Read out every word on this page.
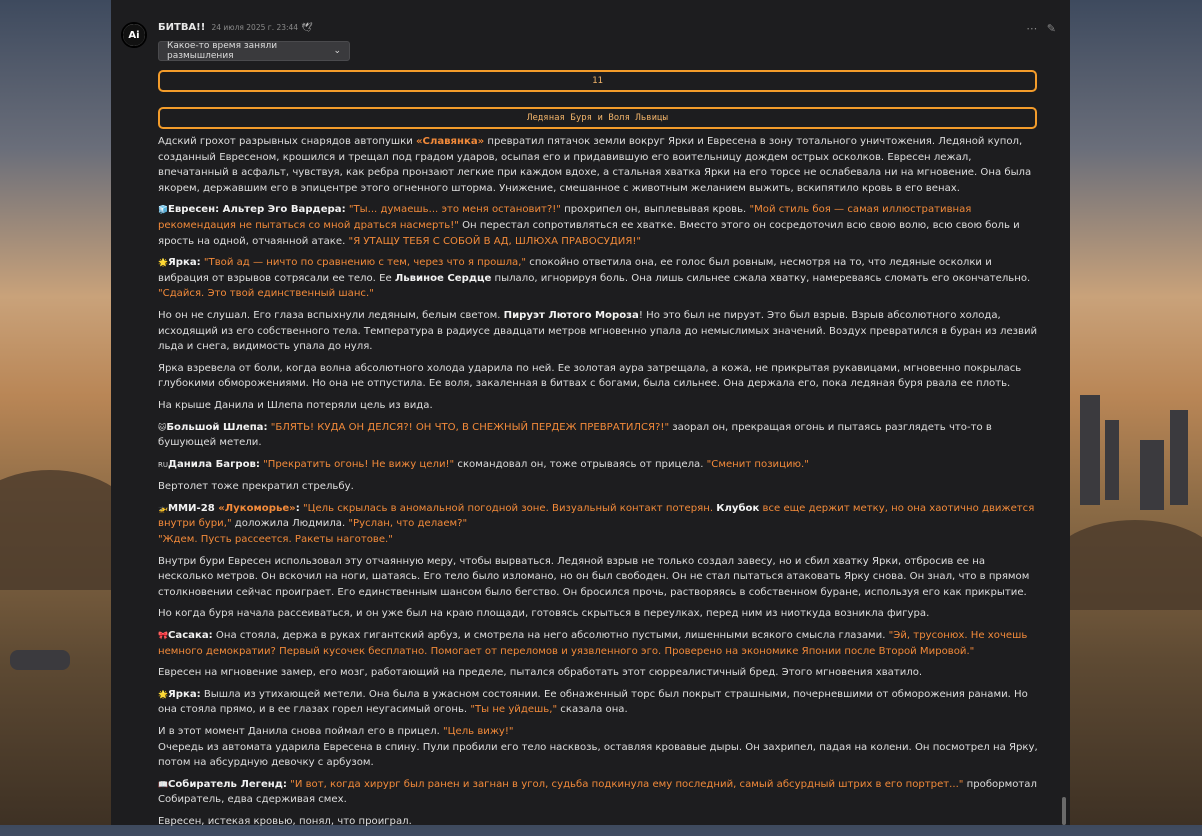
Ai
БИТВА!! 24 июля 2025 г. 23:44 🕊	⋯ ✎
Какое-то время заняли размышления	⌄
11
Ледяная Буря и Воля Львицы

Адский грохот разрывных снарядов автопушки «Славянка» превратил пятачок земли вокруг Ярки и Евресена в зону тотального уничтожения. Ледяной купол, созданный Евресеном, крошился и трещал под градом ударов, осыпая его и придавившую его воительницу дождем острых осколков. Евресен лежал, впечатанный в асфальт, чувствуя, как ребра пронзают легкие при каждом вдохе, а стальная хватка Ярки на его торсе не ослабевала ни на мгновение. Она была якорем, державшим его в эпицентре этого огненного шторма. Унижение, смешанное с животным желанием выжить, вскипятило кровь в его венах.

🧊Евресен: Альтер Эго Вардера: "Ты... думаешь... это меня остановит?!" прохрипел он, выплевывая кровь. "Мой стиль боя — самая иллюстративная рекомендация не пытаться со мной драться насмерть!" Он перестал сопротивляться ее хватке. Вместо этого он сосредоточил всю свою волю, всю свою боль и ярость на одной, отчаянной атаке. "Я УТАЩУ ТЕБЯ С СОБОЙ В АД, ШЛЮХА ПРАВОСУДИЯ!"

🌟Ярка: "Твой ад — ничто по сравнению с тем, через что я прошла," спокойно ответила она, ее голос был ровным, несмотря на то, что ледяные осколки и вибрация от взрывов сотрясали ее тело. Ее Львиное Сердце пылало, игнорируя боль. Она лишь сильнее сжала хватку, намереваясь сломать его окончательно. "Сдайся. Это твой единственный шанс."

Но он не слушал. Его глаза вспыхнули ледяным, белым светом. Пируэт Лютого Мороза! Но это был не пируэт. Это был взрыв. Взрыв абсолютного холода, исходящий из его собственного тела. Температура в радиусе двадцати метров мгновенно упала до немыслимых значений. Воздух превратился в буран из лезвий льда и снега, видимость упала до нуля.

Ярка взревела от боли, когда волна абсолютного холода ударила по ней. Ее золотая аура затрещала, а кожа, не прикрытая рукавицами, мгновенно покрылась глубокими обморожениями. Но она не отпустила. Ее воля, закаленная в битвах с богами, была сильнее. Она держала его, пока ледяная буря рвала ее плоть.

На крыше Данила и Шлепа потеряли цель из вида.

🐱Большой Шлепа: "БЛЯТЬ! КУДА ОН ДЕЛСЯ?! ОН ЧТО, В СНЕЖНЫЙ ПЕРДЕЖ ПРЕВРАТИЛСЯ?!" заорал он, прекращая огонь и пытаясь разглядеть что-то в бушующей метели.

RUДанила Багров: "Прекратить огонь! Не вижу цели!" скомандовал он, тоже отрываясь от прицела. "Сменит позицию."

Вертолет тоже прекратил стрельбу.

🚁ММИ-28 «Лукоморье»: "Цель скрылась в аномальной погодной зоне. Визуальный контакт потерян. Клубок все еще держит метку, но она хаотично движется внутри бури," доложила Людмила. "Руслан, что делаем?"
"Ждем. Пусть рассеется. Ракеты наготове."

Внутри бури Евресен использовал эту отчаянную меру, чтобы вырваться. Ледяной взрыв не только создал завесу, но и сбил хватку Ярки, отбросив ее на несколько метров. Он вскочил на ноги, шатаясь. Его тело было изломано, но он был свободен. Он не стал пытаться атаковать Ярку снова. Он знал, что в прямом столкновении сейчас проиграет. Его единственным шансом было бегство. Он бросился прочь, растворяясь в собственном буране, используя его как прикрытие.

Но когда буря начала рассеиваться, и он уже был на краю площади, готовясь скрыться в переулках, перед ним из ниоткуда возникла фигура.

🎀Сасака: Она стояла, держа в руках гигантский арбуз, и смотрела на него абсолютно пустыми, лишенными всякого смысла глазами. "Эй, трусонюх. Не хочешь немного демократии? Первый кусочек бесплатно. Помогает от переломов и уязвленного эго. Проверено на экономике Японии после Второй Мировой."

Евресен на мгновение замер, его мозг, работающий на пределе, пытался обработать этот сюрреалистичный бред. Этого мгновения хватило.

🌟Ярка: Вышла из утихающей метели. Она была в ужасном состоянии. Ее обнаженный торс был покрыт страшными, почерневшими от обморожения ранами. Но она стояла прямо, и в ее глазах горел неугасимый огонь. "Ты не уйдешь," сказала она.

И в этот момент Данила снова поймал его в прицел. "Цель вижу!"
Очередь из автомата ударила Евресена в спину. Пули пробили его тело насквозь, оставляя кровавые дыры. Он захрипел, падая на колени. Он посмотрел на Ярку, потом на абсурдную девочку с арбузом.

📖Собиратель Легенд: "И вот, когда хирург был ранен и загнан в угол, судьба подкинула ему последний, самый абсурдный штрих в его портрет..." пробормотал Собиратель, едва сдерживая смех.

Евресен, истекая кровью, понял, что проиграл.
